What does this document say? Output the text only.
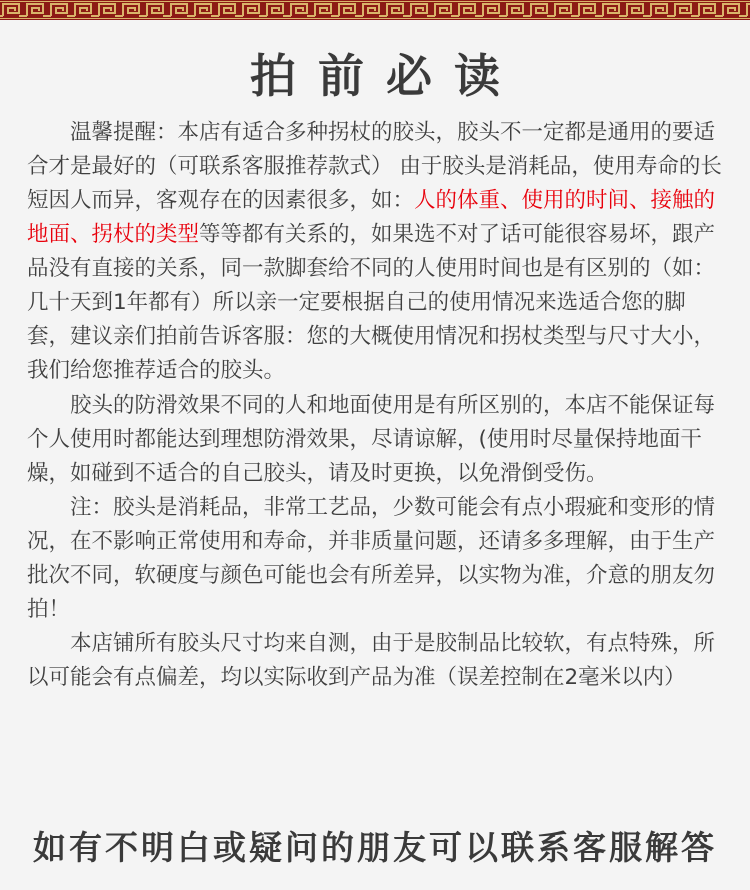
拍前必读

温馨提醒：本店有适合多种拐杖的胶头，胶头不一定都是通用的要适合才是最好的（可联系客服推荐款式） 由于胶头是消耗品，使用寿命的长短因人而异，客观存在的因素很多，如：人的体重、使用的时间、接触的地面、拐杖的类型等等都有关系的，如果选不对了话可能很容易坏，跟产品没有直接的关系，同一款脚套给不同的人使用时间也是有区别的（如：几十天到1年都有）所以亲一定要根据自己的使用情况来选适合您的脚套，建议亲们拍前告诉客服：您的大概使用情况和拐杖类型与尺寸大小，我们给您推荐适合的胶头。

胶头的防滑效果不同的人和地面使用是有所区别的，本店不能保证每个人使用时都能达到理想防滑效果，尽请谅解，(使用时尽量保持地面干燥，如碰到不适合的自己胶头，请及时更换，以免滑倒受伤。

注：胶头是消耗品，非常工艺品，少数可能会有点小瑕疵和变形的情况，在不影响正常使用和寿命，并非质量问题，还请多多理解，由于生产批次不同，软硬度与颜色可能也会有所差异，以实物为准，介意的朋友勿拍！

本店铺所有胶头尺寸均来自测，由于是胶制品比较软，有点特殊，所以可能会有点偏差，均以实际收到产品为准（误差控制在2毫米以内）

如有不明白或疑问的朋友可以联系客服解答
